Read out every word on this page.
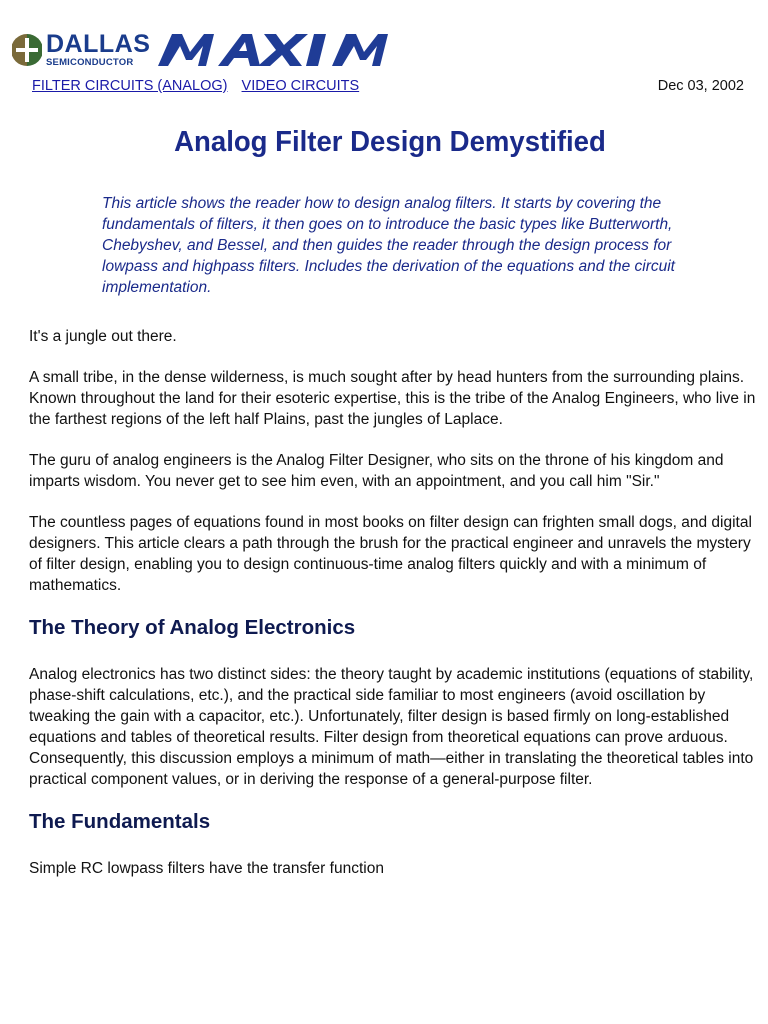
DALLAS
SEMICONDUCTOR
MAXIM
FILTER CIRCUITS (ANALOG) VIDEO CIRCUITS	Dec 03, 2002
Analog Filter Design Demystified

This article shows the reader how to design analog filters. It starts by covering the fundamentals of filters, it then goes on to introduce the basic types like Butterworth, Chebyshev, and Bessel, and then guides the reader through the design process for lowpass and highpass filters. Includes the derivation of the equations and the circuit implementation.

It's a jungle out there.

A small tribe, in the dense wilderness, is much sought after by head hunters from the surrounding plains. Known throughout the land for their esoteric expertise, this is the tribe of the Analog Engineers, who live in the farthest regions of the left half Plains, past the jungles of Laplace.

The guru of analog engineers is the Analog Filter Designer, who sits on the throne of his kingdom and imparts wisdom. You never get to see him even, with an appointment, and you call him "Sir."

The countless pages of equations found in most books on filter design can frighten small dogs, and digital designers. This article clears a path through the brush for the practical engineer and unravels the mystery of filter design, enabling you to design continuous-time analog filters quickly and with a minimum of mathematics.

The Theory of Analog Electronics

Analog electronics has two distinct sides: the theory taught by academic institutions (equations of stability, phase-shift calculations, etc.), and the practical side familiar to most engineers (avoid oscillation by tweaking the gain with a capacitor, etc.). Unfortunately, filter design is based firmly on long-established equations and tables of theoretical results. Filter design from theoretical equations can prove arduous. Consequently, this discussion employs a minimum of math—either in translating the theoretical tables into practical component values, or in deriving the response of a general-purpose filter.

The Fundamentals

Simple RC lowpass filters have the transfer function
